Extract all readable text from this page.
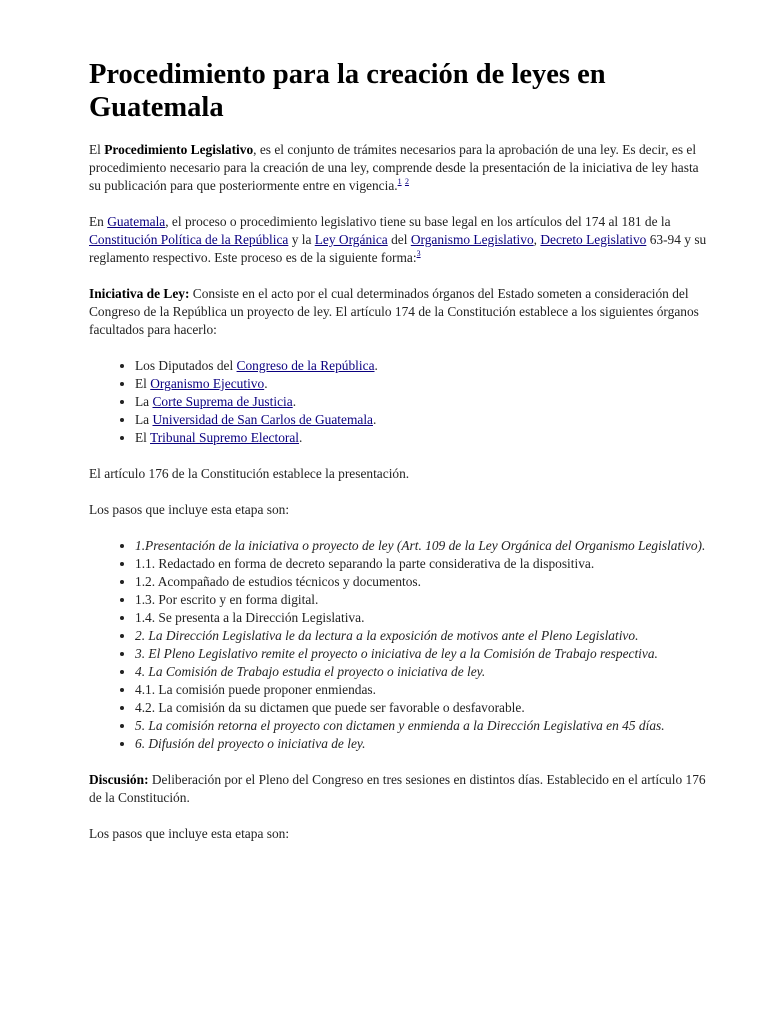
Procedimiento para la creación de leyes en Guatemala

El Procedimiento Legislativo, es el conjunto de trámites necesarios para la aprobación de una ley. Es decir, es el procedimiento necesario para la creación de una ley, comprende desde la presentación de la iniciativa de ley hasta su publicación para que posteriormente entre en vigencia.$^1$ $^2$

En Guatemala, el proceso o procedimiento legislativo tiene su base legal en los artículos del 174 al 181 de la Constitución Política de la República y la Ley Orgánica del Organismo Legislativo, Decreto Legislativo 63-94 y su reglamento respectivo. Este proceso es de la siguiente forma:$^3$

Iniciativa de Ley: Consiste en el acto por el cual determinados órganos del Estado someten a consideración del Congreso de la República un proyecto de ley. El artículo 174 de la Constitución establece a los siguientes órganos facultados para hacerlo:

• Los Diputados del Congreso de la República.
• El Organismo Ejecutivo.
• La Corte Suprema de Justicia.
• La Universidad de San Carlos de Guatemala.
• El Tribunal Supremo Electoral.

El artículo 176 de la Constitución establece la presentación.

Los pasos que incluye esta etapa son:

• 1.Presentación de la iniciativa o proyecto de ley (Art. 109 de la Ley Orgánica del Organismo Legislativo).
• 1.1. Redactado en forma de decreto separando la parte considerativa de la dispositiva.
• 1.2. Acompañado de estudios técnicos y documentos.
• 1.3. Por escrito y en forma digital.
• 1.4. Se presenta a la Dirección Legislativa.
• 2. La Dirección Legislativa le da lectura a la exposición de motivos ante el Pleno Legislativo.
• 3. El Pleno Legislativo remite el proyecto o iniciativa de ley a la Comisión de Trabajo respectiva.
• 4. La Comisión de Trabajo estudia el proyecto o iniciativa de ley.
• 4.1. La comisión puede proponer enmiendas.
• 4.2. La comisión da su dictamen que puede ser favorable o desfavorable.
• 5. La comisión retorna el proyecto con dictamen y enmienda a la Dirección Legislativa en 45 días.
• 6. Difusión del proyecto o iniciativa de ley.

Discusión: Deliberación por el Pleno del Congreso en tres sesiones en distintos días. Establecido en el artículo 176 de la Constitución.

Los pasos que incluye esta etapa son:
